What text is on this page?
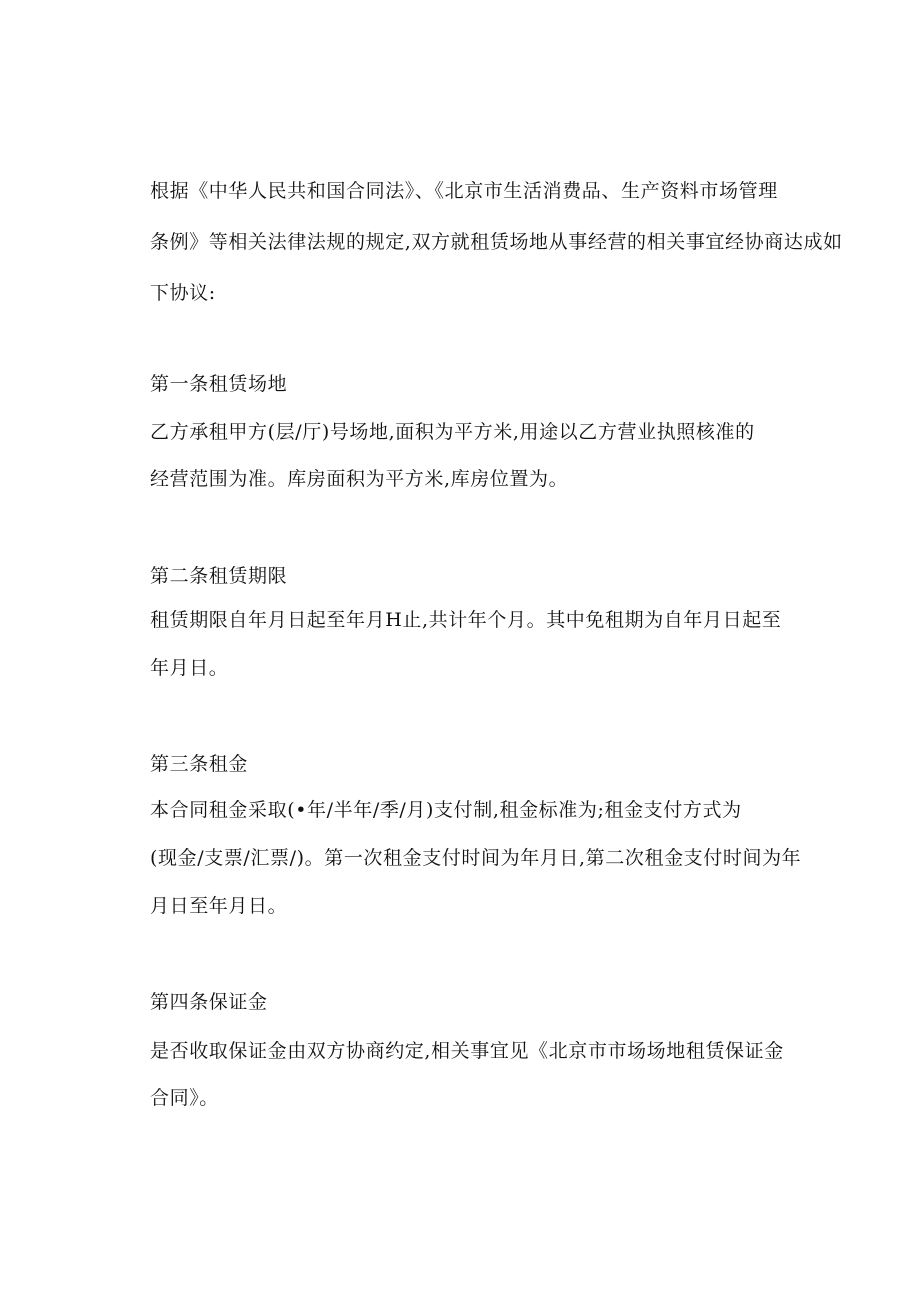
根据《中华人民共和国合同法》、《北京市生活消费品、生产资料市场管理
条例》等相关法律法规的规定,双方就租赁场地从事经营的相关事宜经协商达成如
下协议:
第一条租赁场地
乙方承租甲方(层/厅)号场地,面积为平方米,用途以乙方营业执照核准的
经营范围为准。库房面积为平方米,库房位置为。
第二条租赁期限
租赁期限自年月日起至年月H止,共计年个月。其中免租期为自年月日起至
年月日。
第三条租金
本合同租金采取(•年/半年/季/月)支付制,租金标准为;租金支付方式为
(现金/支票/汇票/)。第一次租金支付时间为年月日,第二次租金支付时间为年
月日至年月日。
第四条保证金
是否收取保证金由双方协商约定,相关事宜见《北京市市场场地租赁保证金
合同》。
